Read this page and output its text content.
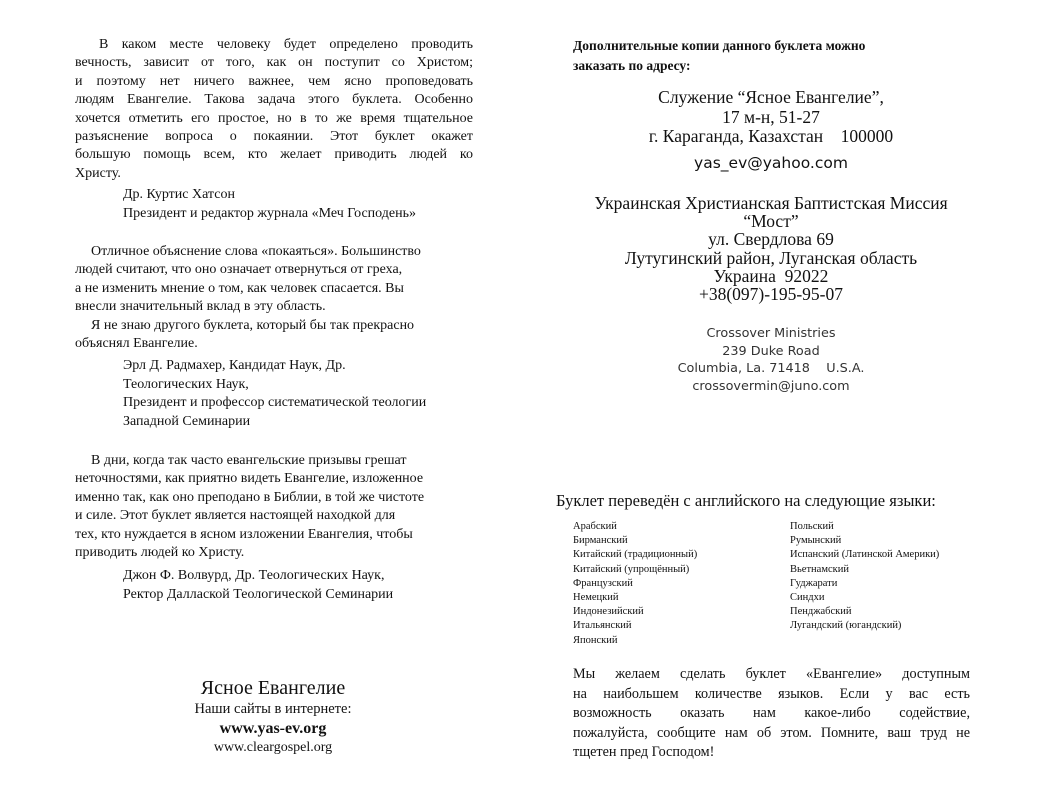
В каком месте человеку будет определено проводить
вечность, зависит от того, как он поступит со Христом;
и поэтому нет ничего важнее, чем ясно проповедовать
людям Евангелие. Такова задача этого буклета. Особенно
хочется отметить его простое, но в то же время тщательное
разъяснение вопроса о покаянии. Этот буклет окажет
большую помощь всем, кто желает приводить людей ко
Христу.
Др. Куртис Хатсон
Президент и редактор журнала «Меч Господень»
Отличное объяснение слова «покаяться». Большинство
людей считают, что оно означает отвернуться от греха,
а не изменить мнение о том, как человек спасается. Вы
внесли значительный вклад в эту область.
Я не знаю другого буклета, который бы так прекрасно
объяснял Евангелие.
Эрл Д. Радмахер, Кандидат Наук, Др.
Теологических Наук,
Президент и профессор систематической теологии
Западной Семинарии
В дни, когда так часто евангельские призывы грешат
неточностями, как приятно видеть Евангелие, изложенное
именно так, как оно преподано в Библии, в той же чистоте
и силе. Этот буклет является настоящей находкой для
тех, кто нуждается в ясном изложении Евангелия, чтобы
приводить людей ко Христу.
Джон Ф. Волвурд, Др. Теологических Наук,
Ректор Даллаской Теологической Семинарии
Ясное Евангелие
Наши сайты в интернете:
www.yas-ev.org
www.cleargospel.org
Дополнительные копии данного буклета можно
заказать по адресу:
Служение “Ясное Евангелие”,
17 м-н, 51-27
г. Караганда, Казахстан    100000
yas_ev@yahoo.com
Украинская Христианская Баптистская Миссия
“Мост”
ул. Свердлова 69
Лутугинский район, Луганская область
Украина  92022
+38(097)-195-95-07
Crossover Ministries
239 Duke Road
Columbia, La. 71418    U.S.A.
crossovermin@juno.com
Буклет переведён с английского на следующие языки:
Арабский
Бирманский
Китайский (традиционный)
Китайский (упрощённый)
Французский
Немецкий
Индонезийский
Итальянский
Японский
Польский
Румынский
Испанский (Латинской Америки)
Вьетнамский
Гуджарати
Синдхи
Пенджабский
Лугандский (югандский)
Мы желаем сделать буклет «Евангелие» доступным
на наибольшем количестве языков. Если у вас есть
возможность оказать нам какое-либо содействие,
пожалуйста, сообщите нам об этом. Помните, ваш труд не
тщетен пред Господом!
